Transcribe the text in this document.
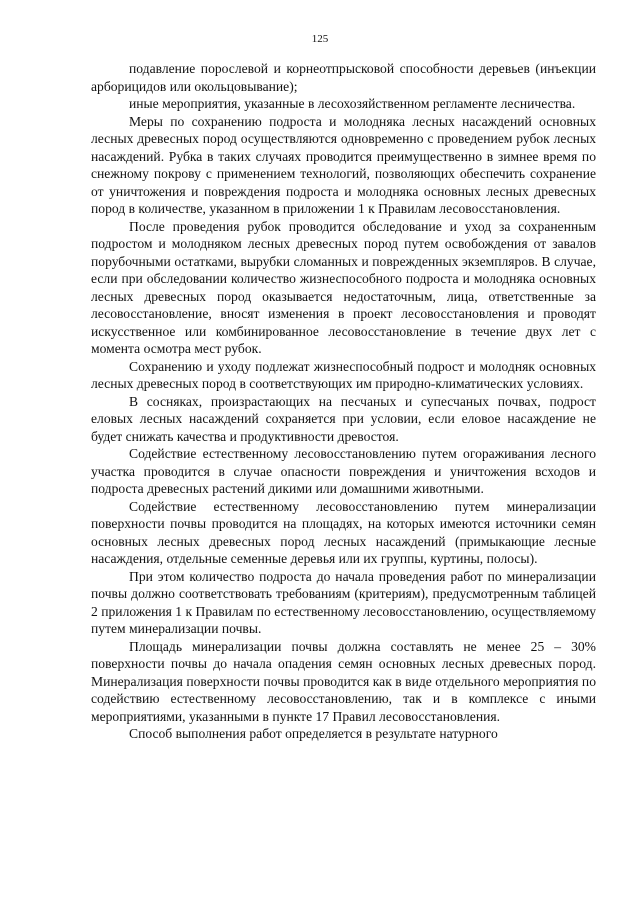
125

подавление порослевой и корнеотпрысковой способности деревьев (инъекции арборицидов или окольцовывание);

иные мероприятия, указанные в лесохозяйственном регламенте лесничества.

Меры по сохранению подроста и молодняка лесных насаждений основных лесных древесных пород осуществляются одновременно с проведением рубок лесных насаждений. Рубка в таких случаях проводится преимущественно в зимнее время по снежному покрову с применением технологий, позволяющих обеспечить сохранение от уничтожения и повреждения подроста и молодняка основных лесных древесных пород в количестве, указанном в приложении 1 к Правилам лесовосстановления.

После проведения рубок проводится обследование и уход за сохраненным подростом и молодняком лесных древесных пород путем освобождения от завалов порубочными остатками, вырубки сломанных и поврежденных экземпляров. В случае, если при обследовании количество жизнеспособного подроста и молодняка основных лесных древесных пород оказывается недостаточным, лица, ответственные за лесовосстановление, вносят изменения в проект лесовосстановления и проводят искусственное или комбинированное лесовосстановление в течение двух лет с момента осмотра мест рубок.

Сохранению и уходу подлежат жизнеспособный подрост и молодняк основных лесных древесных пород в соответствующих им природно-климатических условиях.

В сосняках, произрастающих на песчаных и супесчаных почвах, подрост еловых лесных насаждений сохраняется при условии, если еловое насаждение не будет снижать качества и продуктивности древостоя.

Содействие естественному лесовосстановлению путем огораживания лесного участка проводится в случае опасности повреждения и уничтожения всходов и подроста древесных растений дикими или домашними животными.

Содействие естественному лесовосстановлению путем минерализации поверхности почвы проводится на площадях, на которых имеются источники семян основных лесных древесных пород лесных насаждений (примыкающие лесные насаждения, отдельные семенные деревья или их группы, куртины, полосы).

При этом количество подроста до начала проведения работ по минерализации почвы должно соответствовать требованиям (критериям), предусмотренным таблицей 2 приложения 1 к Правилам по естественному лесовосстановлению, осуществляемому путем минерализации почвы.

Площадь минерализации почвы должна составлять не менее 25 – 30% поверхности почвы до начала опадения семян основных лесных древесных пород. Минерализация поверхности почвы проводится как в виде отдельного мероприятия по содействию естественному лесовосстановлению, так и в комплексе с иными мероприятиями, указанными в пункте 17 Правил лесовосстановления.

Способ выполнения работ определяется в результате натурного
